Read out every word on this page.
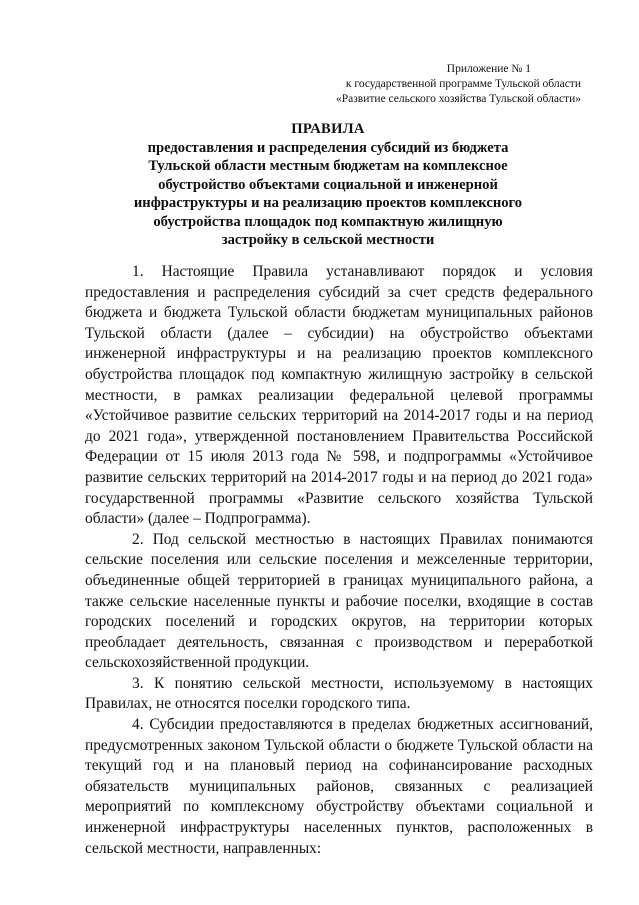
Приложение № 1
к государственной программе Тульской области
«Развитие сельского хозяйства Тульской области»
ПРАВИЛА
предоставления и распределения субсидий из бюджета
Тульской области местным бюджетам на комплексное
обустройство объектами социальной и инженерной
инфраструктуры и на реализацию проектов комплексного
обустройства площадок под компактную жилищную
застройку в сельской местности

1. Настоящие Правила устанавливают порядок и условия предоставления и распределения субсидий за счет средств федерального бюджета и бюджета Тульской области бюджетам муниципальных районов Тульской области (далее – субсидии) на обустройство объектами инженерной инфраструктуры и на реализацию проектов комплексного обустройства площадок под компактную жилищную застройку в сельской местности, в рамках реализации федеральной целевой программы «Устойчивое развитие сельских территорий на 2014-2017 годы и на период до 2021 года», утвержденной постановлением Правительства Российской Федерации от 15 июля 2013 года № 598, и подпрограммы «Устойчивое развитие сельских территорий на 2014-2017 годы и на период до 2021 года» государственной программы «Развитие сельского хозяйства Тульской области» (далее – Подпрограмма).

2. Под сельской местностью в настоящих Правилах понимаются сельские поселения или сельские поселения и межселенные территории, объединенные общей территорией в границах муниципального района, а также сельские населенные пункты и рабочие поселки, входящие в состав городских поселений и городских округов, на территории которых преобладает деятельность, связанная с производством и переработкой сельскохозяйственной продукции.

3. К понятию сельской местности, используемому в настоящих Правилах, не относятся поселки городского типа.

4. Субсидии предоставляются в пределах бюджетных ассигнований, предусмотренных законом Тульской области о бюджете Тульской области на текущий год и на плановый период на софинансирование расходных обязательств муниципальных районов, связанных с реализацией мероприятий по комплексному обустройству объектами социальной и инженерной инфраструктуры населенных пунктов, расположенных в сельской местности, направленных:
